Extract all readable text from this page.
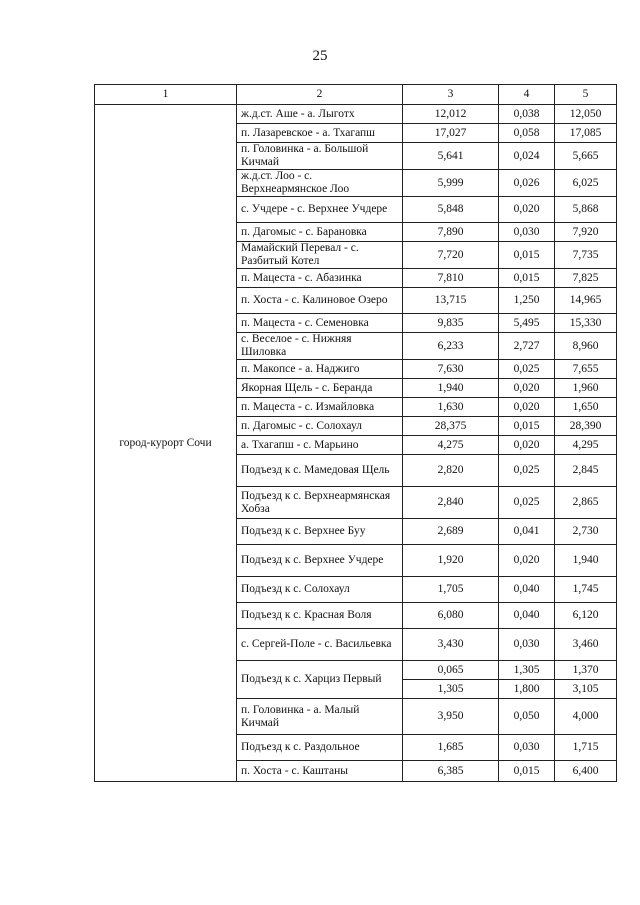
25
1	2	3	4	5
город-курорт Сочи	ж.д.ст. Аше - а. Лыготх	12,012	0,038	12,050
	п. Лазаревское - а. Тхагапш	17,027	0,058	17,085
	п. Головинка - а. Большой Кичмай	5,641	0,024	5,665
	ж.д.ст. Лоо - с. Верхнеармянское Лоо	5,999	0,026	6,025
	с. Учдере - с. Верхнее Учдере	5,848	0,020	5,868
	п. Дагомыс - с. Барановка	7,890	0,030	7,920
	Мамайский Перевал - с. Разбитый Котел	7,720	0,015	7,735
	п. Мацеста - с. Абазинка	7,810	0,015	7,825
	п. Хоста - с. Калиновое Озеро	13,715	1,250	14,965
	п. Мацеста - с. Семеновка	9,835	5,495	15,330
	с. Веселое - с. Нижняя Шиловка	6,233	2,727	8,960
	п. Макопсе - а. Наджиго	7,630	0,025	7,655
	Якорная Щель - с. Беранда	1,940	0,020	1,960
	п. Мацеста - с. Измайловка	1,630	0,020	1,650
	п. Дагомыс - с. Солохаул	28,375	0,015	28,390
	а. Тхагапш - с. Марьино	4,275	0,020	4,295
	Подъезд к с. Мамедовая Щель	2,820	0,025	2,845
	Подъезд к с. Верхнеармянская Хобза	2,840	0,025	2,865
	Подъезд к с. Верхнее Буу	2,689	0,041	2,730
	Подъезд к с. Верхнее Учдере	1,920	0,020	1,940
	Подъезд к с. Солохаул	1,705	0,040	1,745
	Подъезд к с. Красная Воля	6,080	0,040	6,120
	с. Сергей-Поле - с. Васильевка	3,430	0,030	3,460
	Подъезд к с. Харциз Первый	0,065	1,305	1,370
		1,305	1,800	3,105
	п. Головинка - а. Малый Кичмай	3,950	0,050	4,000
	Подъезд к с. Раздольное	1,685	0,030	1,715
	п. Хоста - с. Каштаны	6,385	0,015	6,400
